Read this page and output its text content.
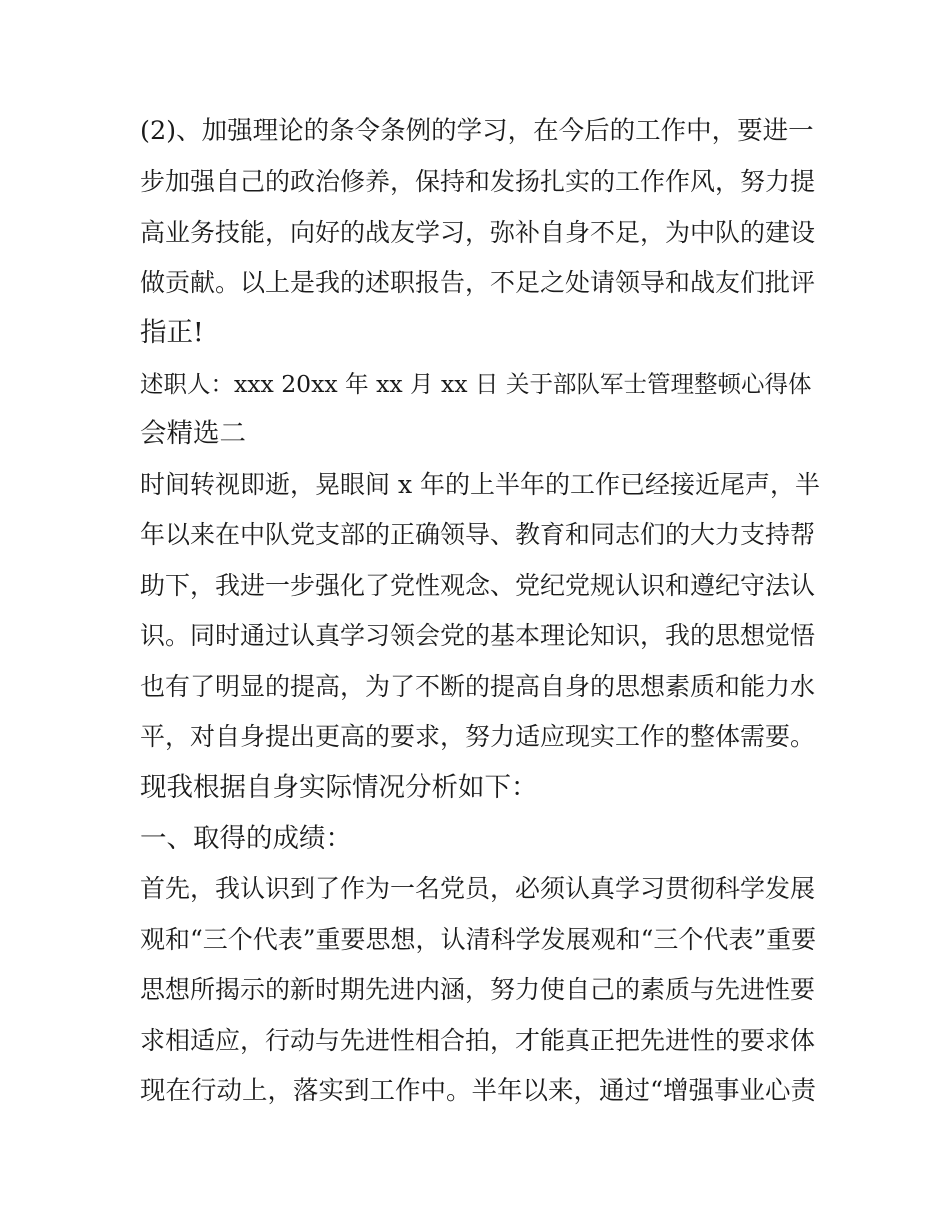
(2)、加强理论的条令条例的学习，在今后的工作中，要进一

步加强自己的政治修养，保持和发扬扎实的工作作风，努力提

高业务技能，向好的战友学习，弥补自身不足，为中队的建设

做贡献。以上是我的述职报告，不足之处请领导和战友们批评

指正!

述职人：xxx 20xx 年 xx 月 xx 日 关于部队军士管理整顿心得体

会精选二

时间转视即逝，晃眼间 x 年的上半年的工作已经接近尾声，半

年以来在中队党支部的正确领导、教育和同志们的大力支持帮

助下，我进一步强化了党性观念、党纪党规认识和遵纪守法认

识。同时通过认真学习领会党的基本理论知识，我的思想觉悟

也有了明显的提高，为了不断的提高自身的思想素质和能力水

平，对自身提出更高的要求，努力适应现实工作的整体需要。

现我根据自身实际情况分析如下：

一、取得的成绩：

首先，我认识到了作为一名党员，必须认真学习贯彻科学发展

观和“三个代表”重要思想，认清科学发展观和“三个代表”重要

思想所揭示的新时期先进内涵，努力使自己的素质与先进性要

求相适应，行动与先进性相合拍，才能真正把先进性的要求体

现在行动上，落实到工作中。半年以来，通过“增强事业心责
